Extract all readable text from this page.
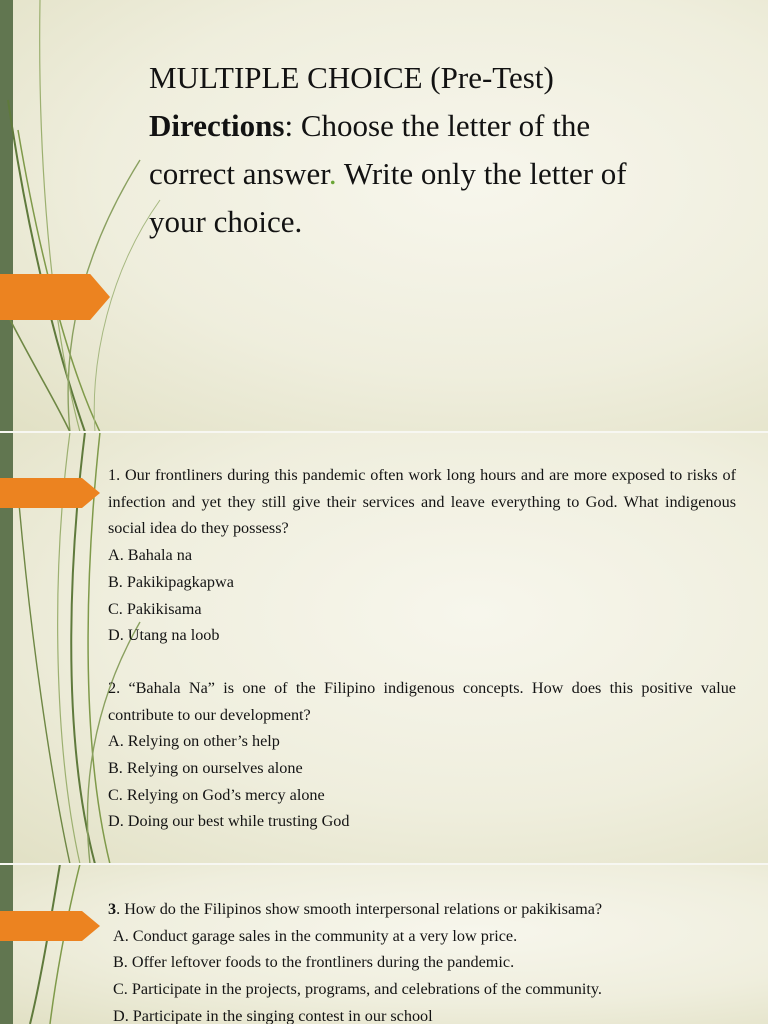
MULTIPLE CHOICE (Pre-Test)
Directions: Choose the letter of the
correct answer. Write only the letter of
your choice.

1. Our frontliners during this pandemic often work long hours and are more exposed to risks of infection and yet they still give their services and leave everything to God. What indigenous social idea do they possess?

A. Bahala na

B. Pakikipagkapwa

C. Pakikisama

D. Utang na loob

2. “Bahala Na” is one of the Filipino indigenous concepts. How does this positive value contribute to our development?

A. Relying on other’s help

B. Relying on ourselves alone

C. Relying on God’s mercy alone

D. Doing our best while trusting God

3. How do the Filipinos show smooth interpersonal relations or pakikisama?

A. Conduct garage sales in the community at a very low price.

B. Offer leftover foods to the frontliners during the pandemic.

C. Participate in the projects, programs, and celebrations of the community.

D. Participate in the singing contest in our school
